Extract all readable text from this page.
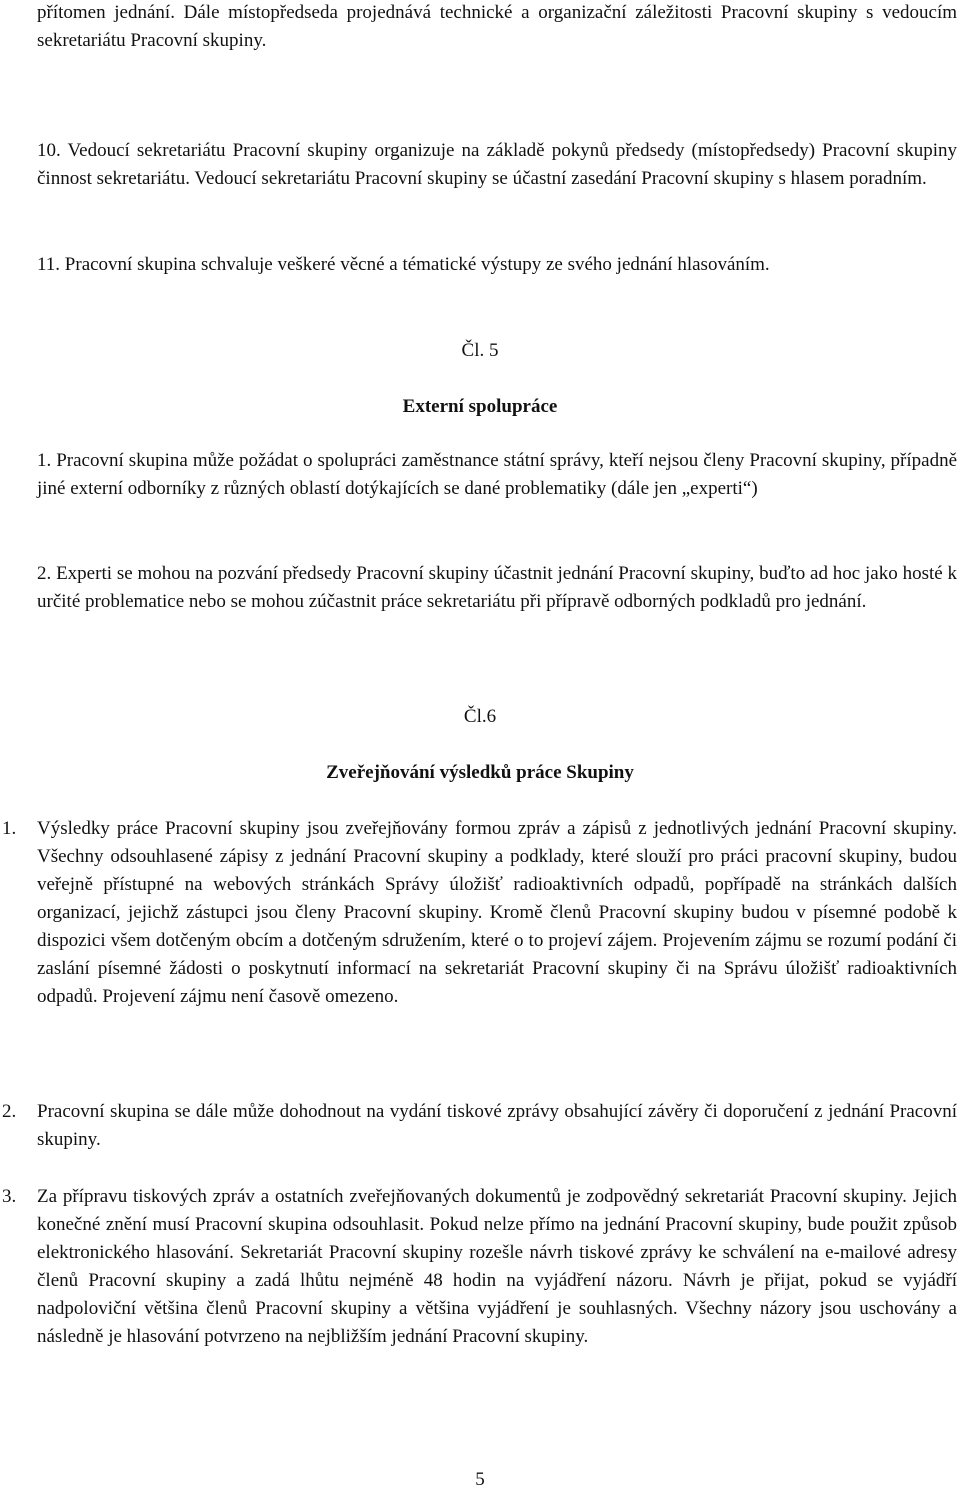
přítomen jednání. Dále místopředseda projednává technické a organizační záležitosti Pracovní skupiny s vedoucím sekretariátu Pracovní skupiny.

10. Vedoucí sekretariátu Pracovní skupiny organizuje na základě pokynů předsedy (místopředsedy) Pracovní skupiny činnost sekretariátu. Vedoucí sekretariátu Pracovní skupiny se účastní zasedání Pracovní skupiny s hlasem poradním.

11. Pracovní skupina schvaluje veškeré věcné a tématické výstupy ze svého jednání hlasováním.

Čl. 5
Externí spolupráce

1. Pracovní skupina může požádat o spolupráci zaměstnance státní správy, kteří nejsou členy Pracovní skupiny, případně jiné externí odborníky z různých oblastí dotýkajících se dané problematiky (dále jen „experti“)

2. Experti se mohou na pozvání předsedy Pracovní skupiny účastnit jednání Pracovní skupiny, buďto ad hoc jako hosté k určité problematice nebo se mohou zúčastnit práce sekretariátu při přípravě odborných podkladů pro jednání.

Čl.6
Zveřejňování výsledků práce Skupiny
1. Výsledky práce Pracovní skupiny jsou zveřejňovány formou zpráv a zápisů z jednotlivých jednání Pracovní skupiny. Všechny odsouhlasené zápisy z jednání Pracovní skupiny a podklady, které slouží pro práci pracovní skupiny, budou veřejně přístupné na webových stránkách Správy úložišť radioaktivních odpadů, popřípadě na stránkách dalších organizací, jejichž zástupci jsou členy Pracovní skupiny. Kromě členů Pracovní skupiny budou v písemné podobě k dispozici všem dotčeným obcím a dotčeným sdružením, které o to projeví zájem. Projevením zájmu se rozumí podání či zaslání písemné žádosti o poskytnutí informací na sekretariát Pracovní skupiny či na Správu úložišť radioaktivních odpadů. Projevení zájmu není časově omezeno.
2. Pracovní skupina se dále může dohodnout na vydání tiskové zprávy obsahující závěry či doporučení z jednání Pracovní skupiny.
3. Za přípravu tiskových zpráv a ostatních zveřejňovaných dokumentů je zodpovědný sekretariát Pracovní skupiny. Jejich konečné znění musí Pracovní skupina odsouhlasit. Pokud nelze přímo na jednání Pracovní skupiny, bude použit způsob elektronického hlasování. Sekretariát Pracovní skupiny rozešle návrh tiskové zprávy ke schválení na e-mailové adresy členů Pracovní skupiny a zadá lhůtu nejméně 48 hodin na vyjádření názoru. Návrh je přijat, pokud se vyjádří nadpoloviční většina členů Pracovní skupiny a většina vyjádření je souhlasných. Všechny názory jsou uschovány a následně je hlasování potvrzeno na nejbližším jednání Pracovní skupiny.
5
